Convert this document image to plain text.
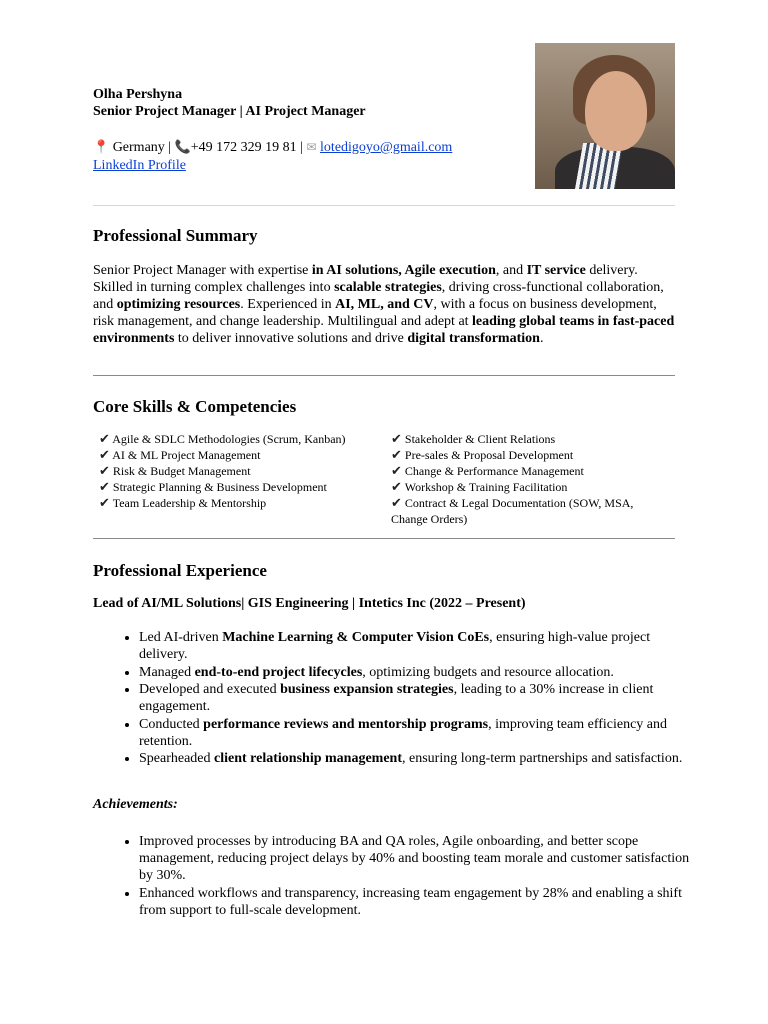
Olha Pershyna
Senior Project Manager | AI Project Manager
📍 Germany | 📞+49 172 329 19 81 | ✉ lotedigoyo@gmail.com
LinkedIn Profile
Professional Summary

Senior Project Manager with expertise in AI solutions, Agile execution, and IT service delivery. Skilled in turning complex challenges into scalable strategies, driving cross-functional collaboration, and optimizing resources. Experienced in AI, ML, and CV, with a focus on business development, risk management, and change leadership. Multilingual and adept at leading global teams in fast-paced environments to deliver innovative solutions and drive digital transformation.

Core Skills & Competencies
✔ Agile & SDLC Methodologies (Scrum, Kanban)
✔ AI & ML Project Management
✔ Risk & Budget Management
✔ Strategic Planning & Business Development
✔ Team Leadership & Mentorship
✔ Stakeholder & Client Relations
✔ Pre-sales & Proposal Development
✔ Change & Performance Management
✔ Workshop & Training Facilitation
✔ Contract & Legal Documentation (SOW, MSA, Change Orders)
Professional Experience
Lead of AI/ML Solutions| GIS Engineering | Intetics Inc (2022 – Present)
• Led AI-driven Machine Learning & Computer Vision CoEs, ensuring high-value project delivery.
• Managed end-to-end project lifecycles, optimizing budgets and resource allocation.
• Developed and executed business expansion strategies, leading to a 30% increase in client engagement.
• Conducted performance reviews and mentorship programs, improving team efficiency and retention.
• Spearheaded client relationship management, ensuring long-term partnerships and satisfaction.
Achievements:
• Improved processes by introducing BA and QA roles, Agile onboarding, and better scope management, reducing project delays by 40% and boosting team morale and customer satisfaction by 30%.
• Enhanced workflows and transparency, increasing team engagement by 28% and enabling a shift from support to full-scale development.
